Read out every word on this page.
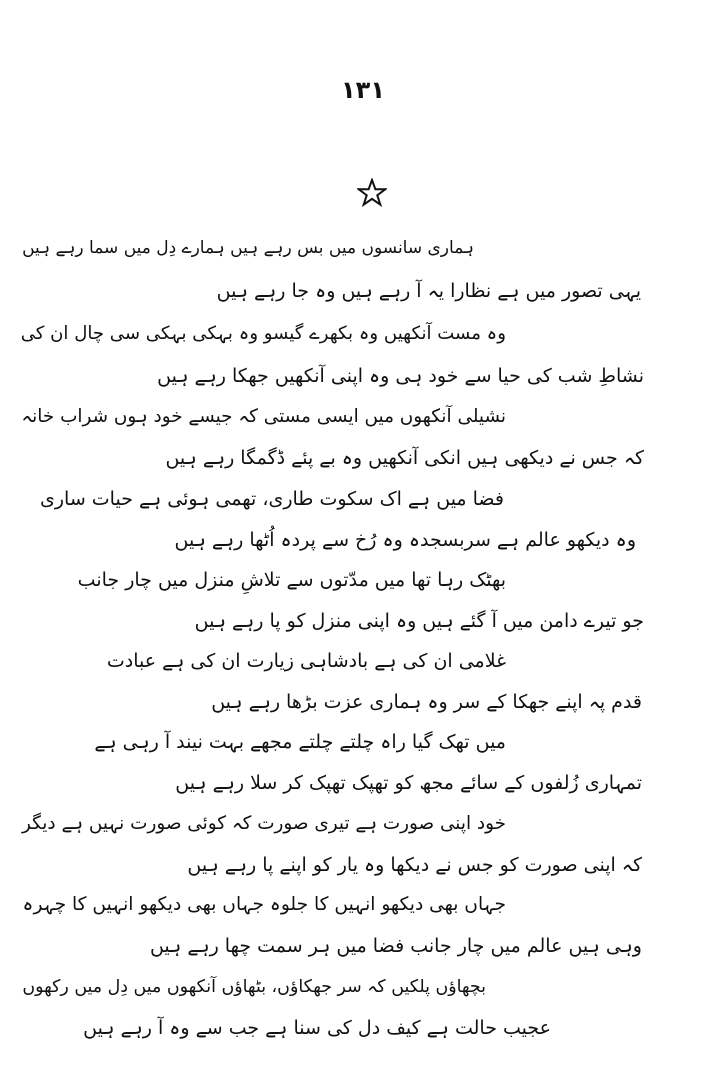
۱۳۱

ہماری سانسوں میں بس رہے ہیں ہمارے دِل میں سما رہے ہیں

یہی تصور میں ہے نظارا یہ آ رہے ہیں وہ جا رہے ہیں

وہ مست آنکھیں وہ بکھرے گیسو وہ بہکی بہکی سی چال ان کی

نشاطِ شب کی حیا سے خود ہی وہ اپنی آنکھیں جھکا رہے ہیں

نشیلی آنکھوں میں ایسی مستی کہ جیسے خود ہوں شراب خانہ

کہ جس نے دیکھی ہیں انکی آنکھیں وہ بے پئے ڈگمگا رہے ہیں

فضا میں ہے اک سکوت طاری، تھمی ہوئی ہے حیات ساری

وہ دیکھو عالم ہے سربسجدہ وہ رُخ سے پردہ اُٹھا رہے ہیں

بھٹک رہا تھا میں مدّتوں سے تلاشِ منزل میں چار جانب

جو تیرے دامن میں آ گئے ہیں وہ اپنی منزل کو پا رہے ہیں

غلامی ان کی ہے بادشاہی زیارت ان کی ہے عبادت

قدم پہ اپنے جھکا کے سر وہ ہماری عزت بڑھا رہے ہیں

میں تھک گیا راہ چلتے چلتے مجھے بہت نیند آ رہی ہے

تمہاری زُلفوں کے سائے مجھ کو تھپک تھپک کر سلا رہے ہیں

خود اپنی صورت ہے تیری صورت کہ کوئی صورت نہیں ہے دیگر

کہ اپنی صورت کو جس نے دیکھا وہ یار کو اپنے پا رہے ہیں

جہاں بھی دیکھو انہیں کا جلوہ جہاں بھی دیکھو انہیں کا چہرہ

وہی ہیں عالم میں چار جانب فضا میں ہر سمت چھا رہے ہیں

بچھاؤں پلکیں کہ سر جھکاؤں، بٹھاؤں آنکھوں میں دِل میں رکھوں

عجیب حالت ہے کیف دل کی سنا ہے جب سے وہ آ رہے ہیں
